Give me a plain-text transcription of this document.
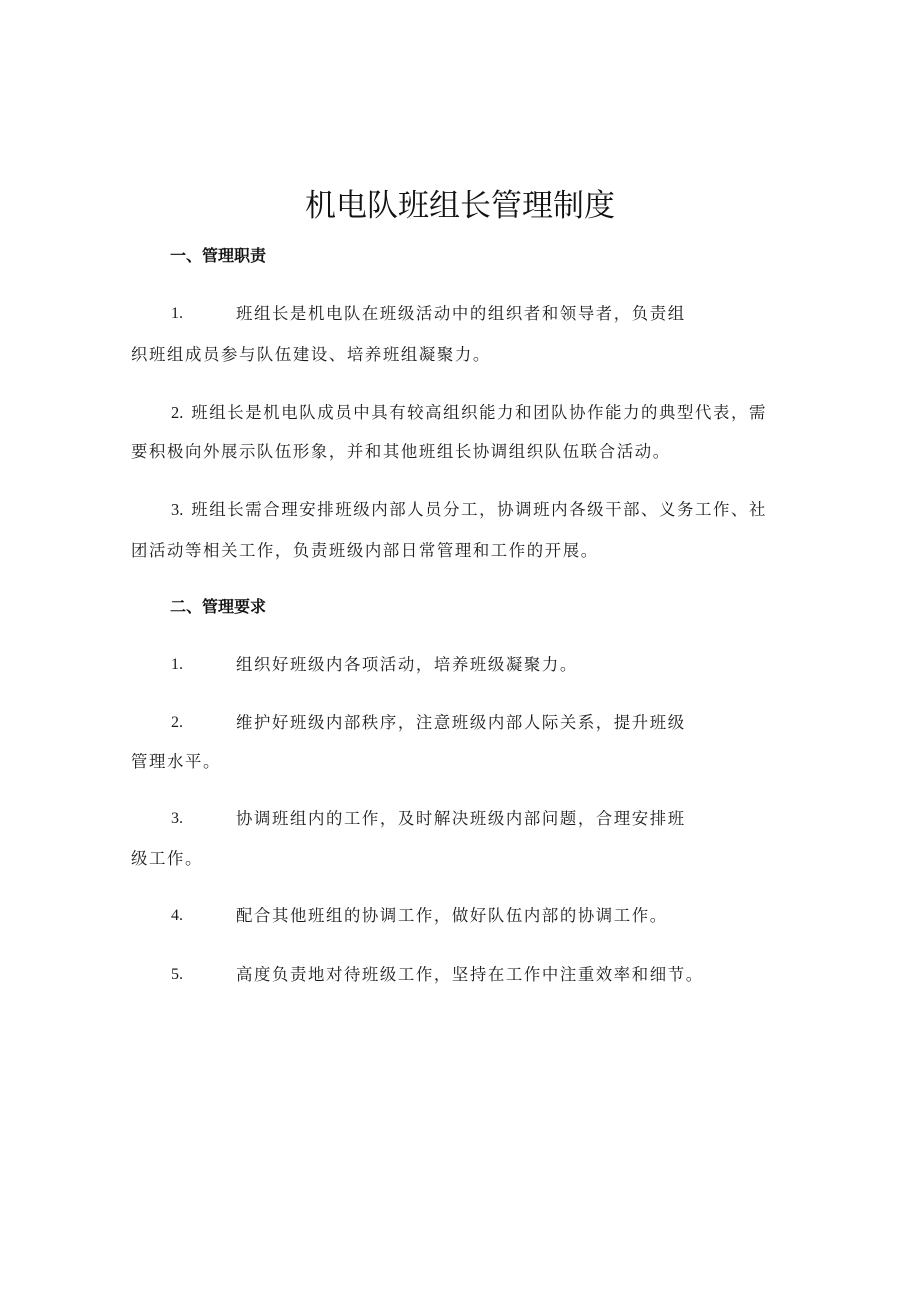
机电队班组长管理制度
一、管理职责
1.	班组长是机电队在班级活动中的组织者和领导者，负责组
织班组成员参与队伍建设、培养班组凝聚力。
2. 班组长是机电队成员中具有较高组织能力和团队协作能力的典型代表，需
要积极向外展示队伍形象，并和其他班组长协调组织队伍联合活动。
3. 班组长需合理安排班级内部人员分工，协调班内各级干部、义务工作、社
团活动等相关工作，负责班级内部日常管理和工作的开展。
二、管理要求
1.	组织好班级内各项活动，培养班级凝聚力。
2.	维护好班级内部秩序，注意班级内部人际关系，提升班级
管理水平。
3.	协调班组内的工作，及时解决班级内部问题，合理安排班
级工作。
4.	配合其他班组的协调工作，做好队伍内部的协调工作。
5.	高度负责地对待班级工作，坚持在工作中注重效率和细节。
